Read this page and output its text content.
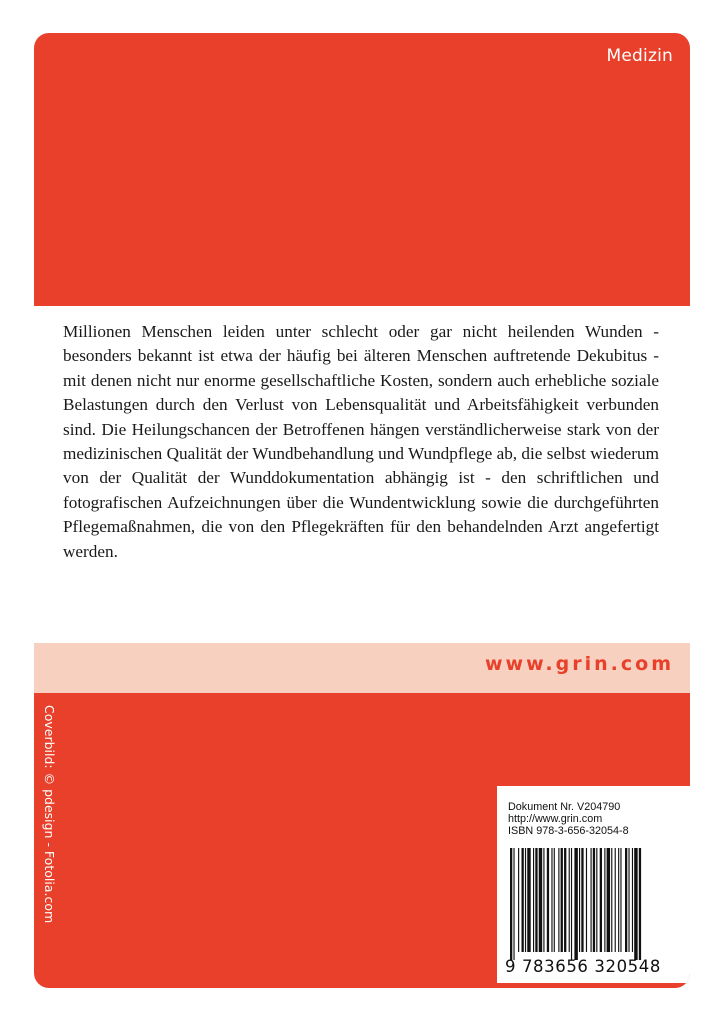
Medizin

Millionen Menschen leiden unter schlecht oder gar nicht heilenden Wunden - besonders bekannt ist etwa der häufig bei älteren Menschen auftretende Dekubitus - mit denen nicht nur enorme gesellschaftliche Kosten, sondern auch erhebliche soziale Belastungen durch den Verlust von Lebensqualität und Arbeitsfähigkeit verbunden sind. Die Heilungschancen der Betroffenen hängen verständlicherweise stark von der medizinischen Qualität der Wundbehandlung und Wundpflege ab, die selbst wiederum von der Qualität der Wunddokumentation abhängig ist - den schriftlichen und fotografischen Aufzeichnungen über die Wundentwicklung sowie die durchgeführten Pflegemaßnahmen, die von den Pflegekräften für den behandelnden Arzt angefertigt werden.

www.grin.com
Coverbild: © pdesign - Fotolia.com	Dokument Nr. V204790
http://www.grin.com
ISBN 978-3-656-32054-8
9 783656 320548
